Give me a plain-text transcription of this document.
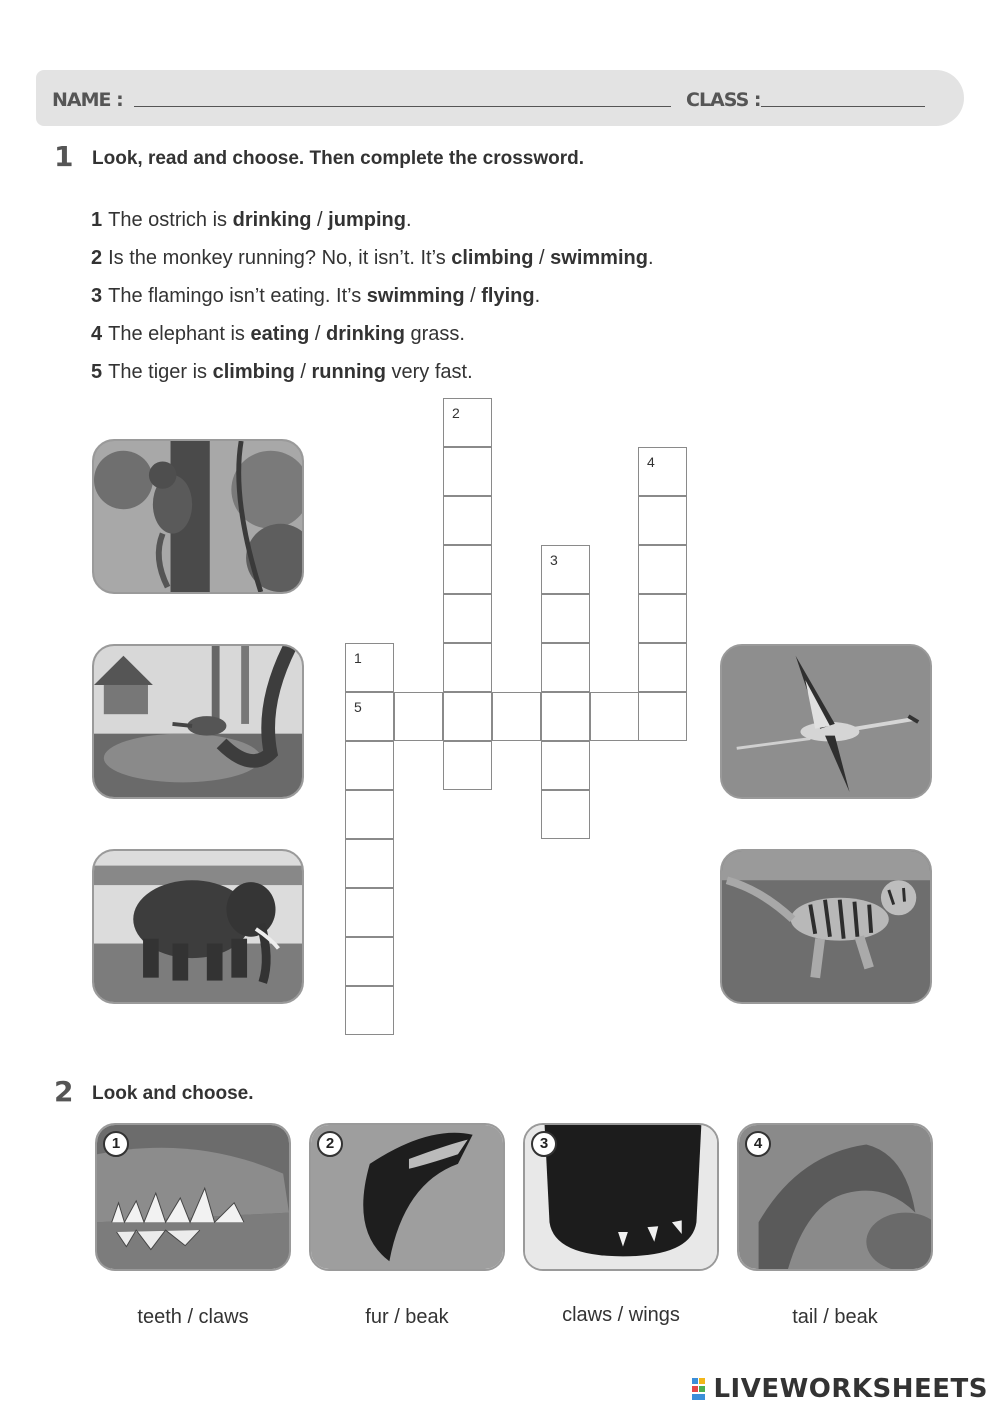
NAME :	CLASS :
1 Look, read and choose. Then complete the crossword.
1 The ostrich is drinking / jumping.
2 Is the monkey running? No, it isn’t. It’s climbing / swimming.
3 The flamingo isn’t eating. It’s swimming / flying.
4 The elephant is eating / drinking grass.
5 The tiger is climbing / running very fast.
1
5
2
3
4
2 Look and choose.
1	2	3	4
teeth / claws	fur / beak	claws / wings	tail / beak
LIVEWORKSHEETS
